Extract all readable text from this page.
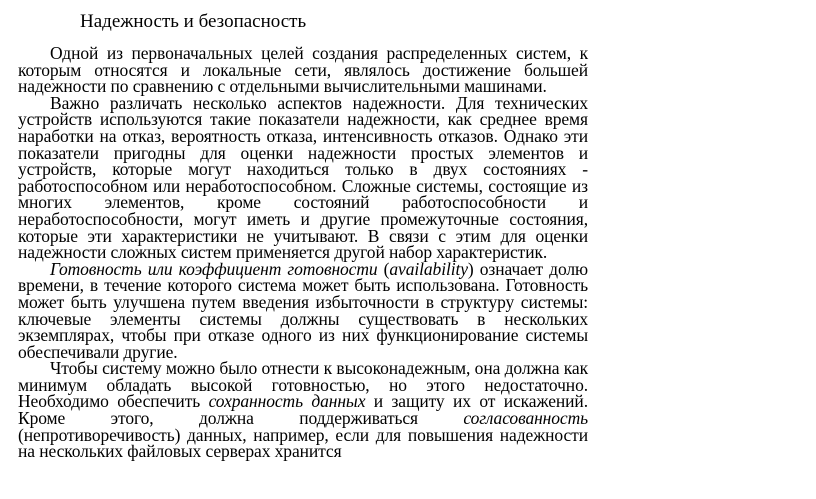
Надежность и безопасность

Одной из первоначальных целей создания распределенных систем, к которым относятся и локальные сети, являлось достижение большей надежности по сравнению с отдельными вычислительными машинами.

Важно различать несколько аспектов надежности. Для технических устройств используются такие показатели надежности, как среднее время наработки на отказ, вероятность отказа, интенсивность отказов. Однако эти показатели пригодны для оценки надежности простых элементов и устройств, которые могут находиться только в двух состояниях - работоспособном или неработоспособном. Сложные системы, состоящие из многих элементов, кроме состояний работоспособности и неработоспособности, могут иметь и другие промежуточные состояния, которые эти характеристики не учитывают. В связи с этим для оценки надежности сложных систем применяется другой набор характеристик.

Готовность или коэффициент готовности (availability) означает долю времени, в течение которого система может быть использована. Готовность может быть улучшена путем введения избыточности в структуру системы: ключевые элементы системы должны существовать в нескольких экземплярах, чтобы при отказе одного из них функционирование системы обеспечивали другие.

Чтобы систему можно было отнести к высоконадежным, она должна как минимум обладать высокой готовностью, но этого недостаточно. Необходимо обеспечить сохранность данных и защиту их от искажений. Кроме этого, должна поддерживаться согласованность (непротиворечивость) данных, например, если для повышения надежности на нескольких файловых серверах хранится
